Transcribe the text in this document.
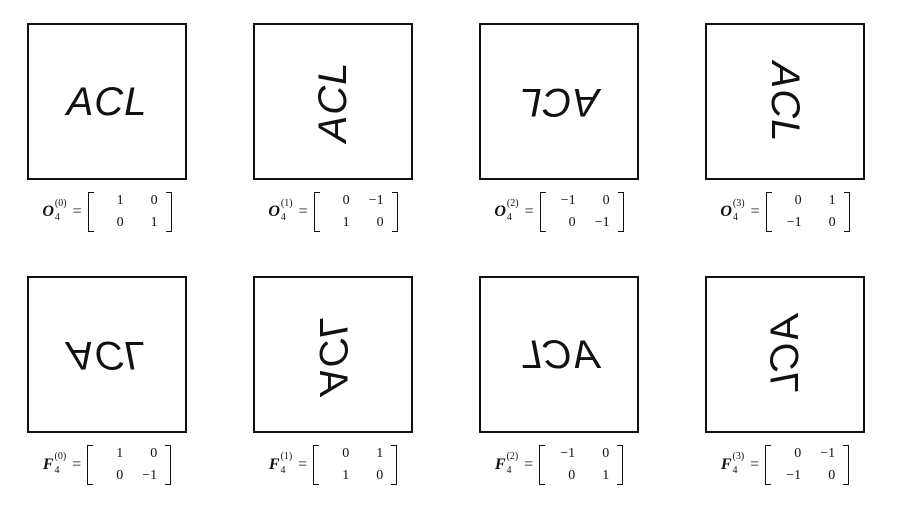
ACL
O (0)
4 =
1	0
0	1
ACL
O (1)
4 =
0	−1
1	0
ACL
O (2)
4 =
−1	0
0	−1
ACL
O (3)
4 =
0	1
−1	0
ACL
F (0)
4 =
1	0
0	−1
ACL
F (1)
4 =
0	1
1	0
ACL
F (2)
4 =
−1	0
0	1
ACL
F (3)
4 =
0	−1
−1	0
